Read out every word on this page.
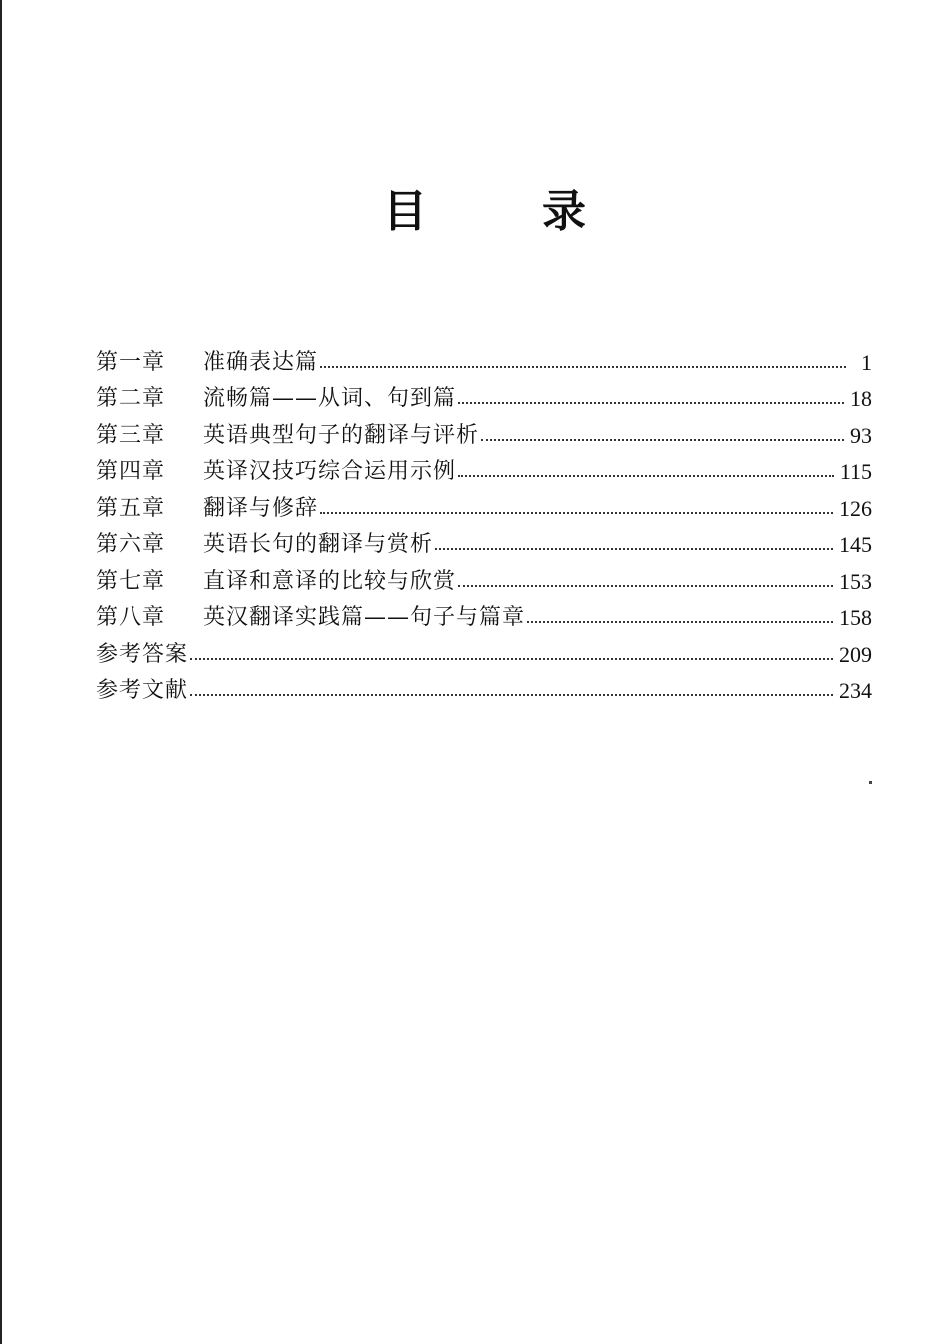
目	录
第一章	准确表达篇	1
第二章	流畅篇——从词、句到篇	18
第三章	英语典型句子的翻译与评析	93
第四章	英译汉技巧综合运用示例	115
第五章	翻译与修辞	126
第六章	英语长句的翻译与赏析	145
第七章	直译和意译的比较与欣赏	153
第八章	英汉翻译实践篇——句子与篇章	158
参考答案	209
参考文献	234
